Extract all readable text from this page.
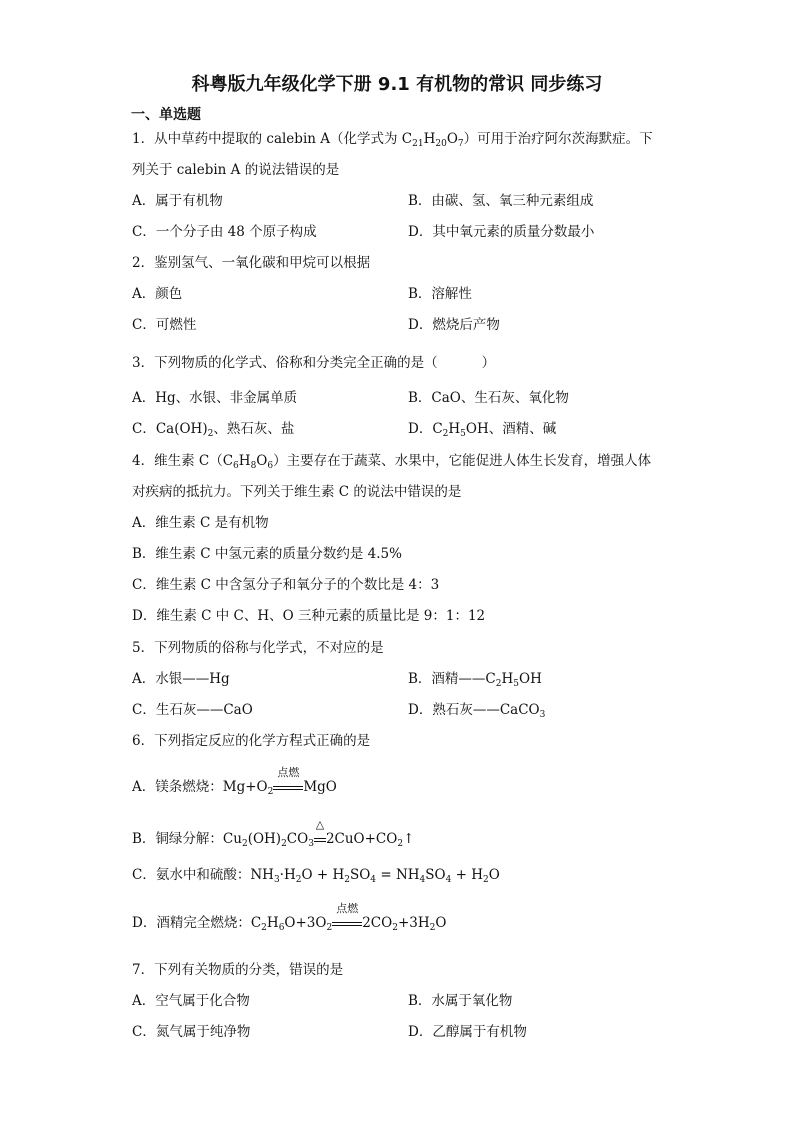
科粤版九年级化学下册 9.1 有机物的常识 同步练习
一、单选题
1．从中草药中提取的 calebin A（化学式为 $C_{21}H_{20}O_7$）可用于治疗阿尔茨海默症。下
列关于 calebin A 的说法错误的是
A．属于有机物	B．由碳、氢、氧三种元素组成
C．一个分子由 48 个原子构成	D．其中氧元素的质量分数最小
2．鉴别氢气、一氧化碳和甲烷可以根据
A．颜色	B．溶解性
C．可燃性	D．燃烧后产物
3．下列物质的化学式、俗称和分类完全正确的是（	）
A．Hg、水银、非金属单质	B．CaO、生石灰、氧化物
C．$Ca(OH)_2$、熟石灰、盐	D．$C_2H_5OH$、酒精、碱
4．维生素 $C(C_6H_8O_6)$主要存在于蔬菜、水果中，它能促进人体生长发育，增强人体
对疾病的抵抗力。下列关于维生素 C 的说法中错误的是
A．维生素 C 是有机物
B．维生素 C 中氢元素的质量分数约是 4.5%
C．维生素 C 中含氢分子和氧分子的个数比是 4：3
D．维生素 C 中 C、H、O 三种元素的质量比是 9：1：12
5．下列物质的俗称与化学式，不对应的是
A．水银——Hg	B．酒精$——C_2H_5OH$
C．生石灰——CaO	D．熟石灰——CaCO$_3$
6．下列指定反应的化学方程式正确的是
A．镁条燃烧：$Mg+O_2$
点燃
MgO
B．铜绿分解：$Cu_2(OH)_2CO_3$
△
$2CuO+CO_2↑$
C．氨水中和硫酸：$NH_3\cdot H_2O + H_2SO_4 = NH_4SO_4 + H_2O$
D．酒精完全燃烧：$C_2H_6O+3O_2$
点燃
$2CO_2+3H_2O$
7．下列有关物质的分类，错误的是
A．空气属于化合物	B．水属于氧化物
C．氮气属于纯净物	D．乙醇属于有机物
